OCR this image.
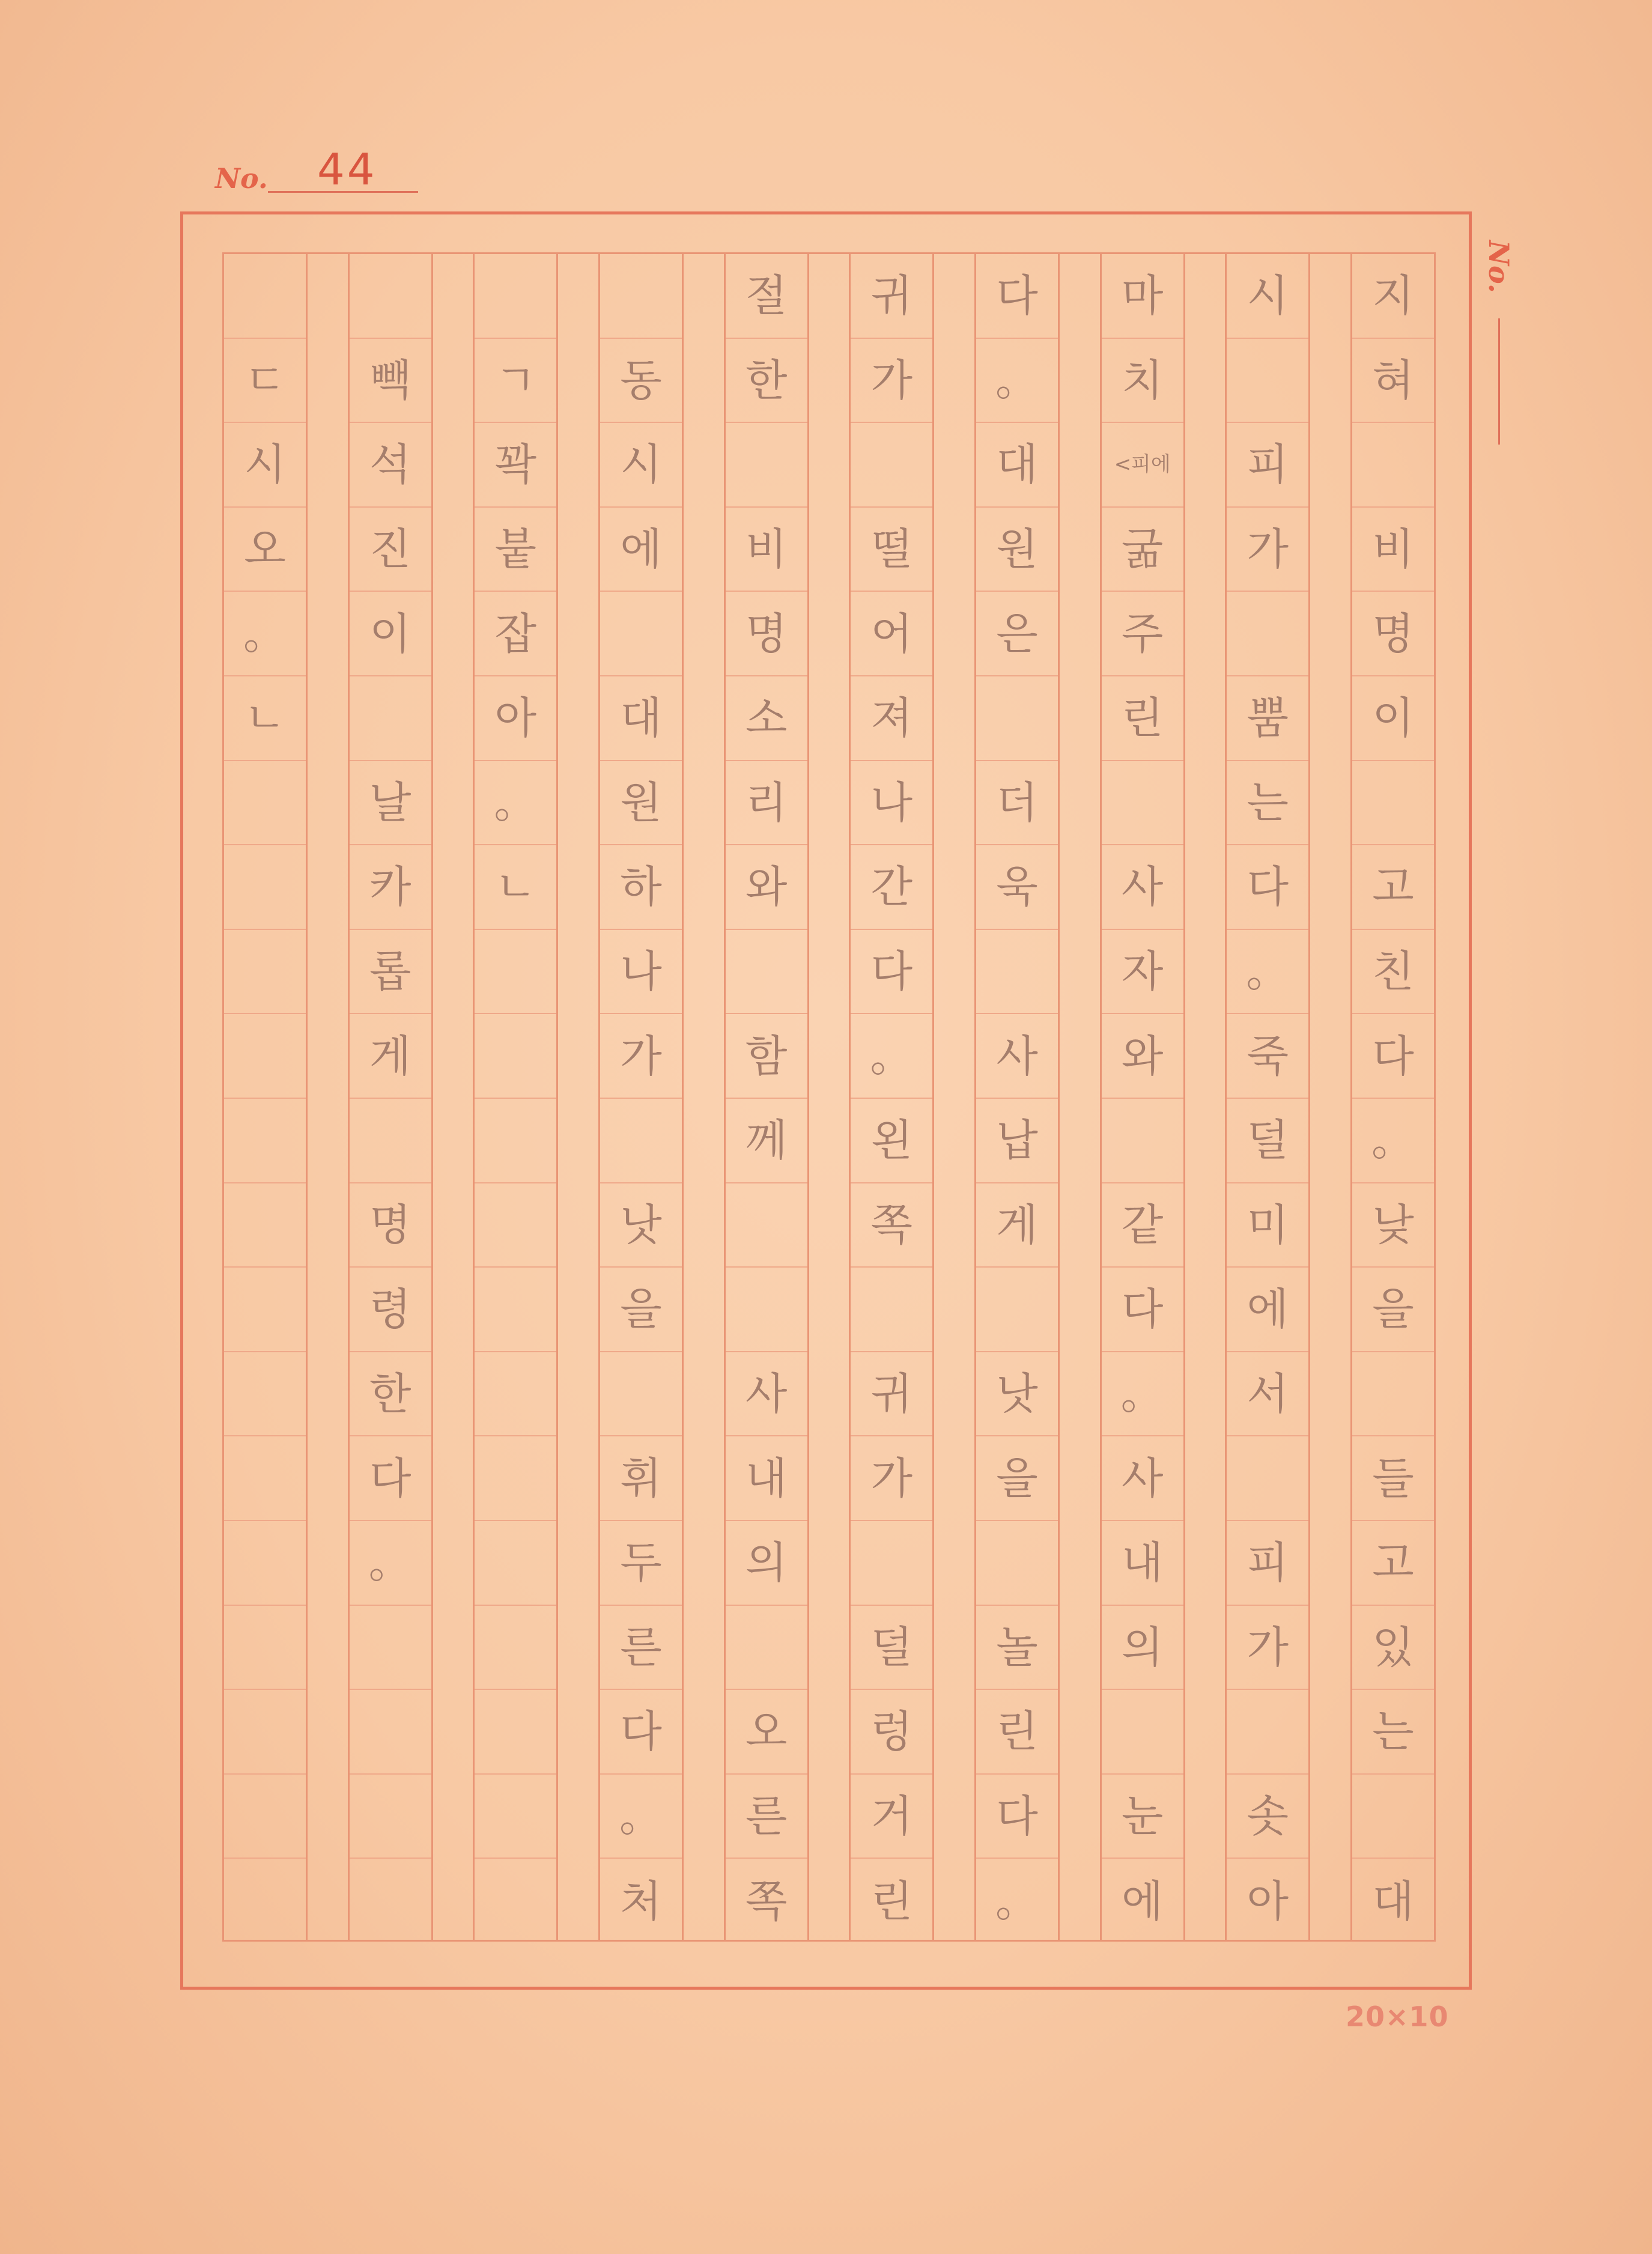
No. 44
No.
지
혀
비
명
이
고
친
다
。
낮
을
들
고
있
는
대
시
피
가
뿜
는
다
。
죽
덜
미
에
서
피
가
솟
아
마
치
<피에
굶
주
린
사
자
와
같
다
。
사
내
의
눈
에
다
。
대
원
은
더
욱
사
납
게
낫
을
놀
린
다
。
귀
가
떨
어
져
나
간
다
。
왼
쪽
귀
가
덜
렁
거
린
절
한
비
명
소
리
와
함
께
사
내
의
오
른
쪽
동
시
에
대
원
하
나
가
낫
을
휘
두
른
다
。
처
ㄱ
꽉
붙
잡
아
。
ㄴ
빽
석
진
이
날
카
롭
게
명
령
한
다
。
ㄷ
시
오
。
ㄴ
20×10
